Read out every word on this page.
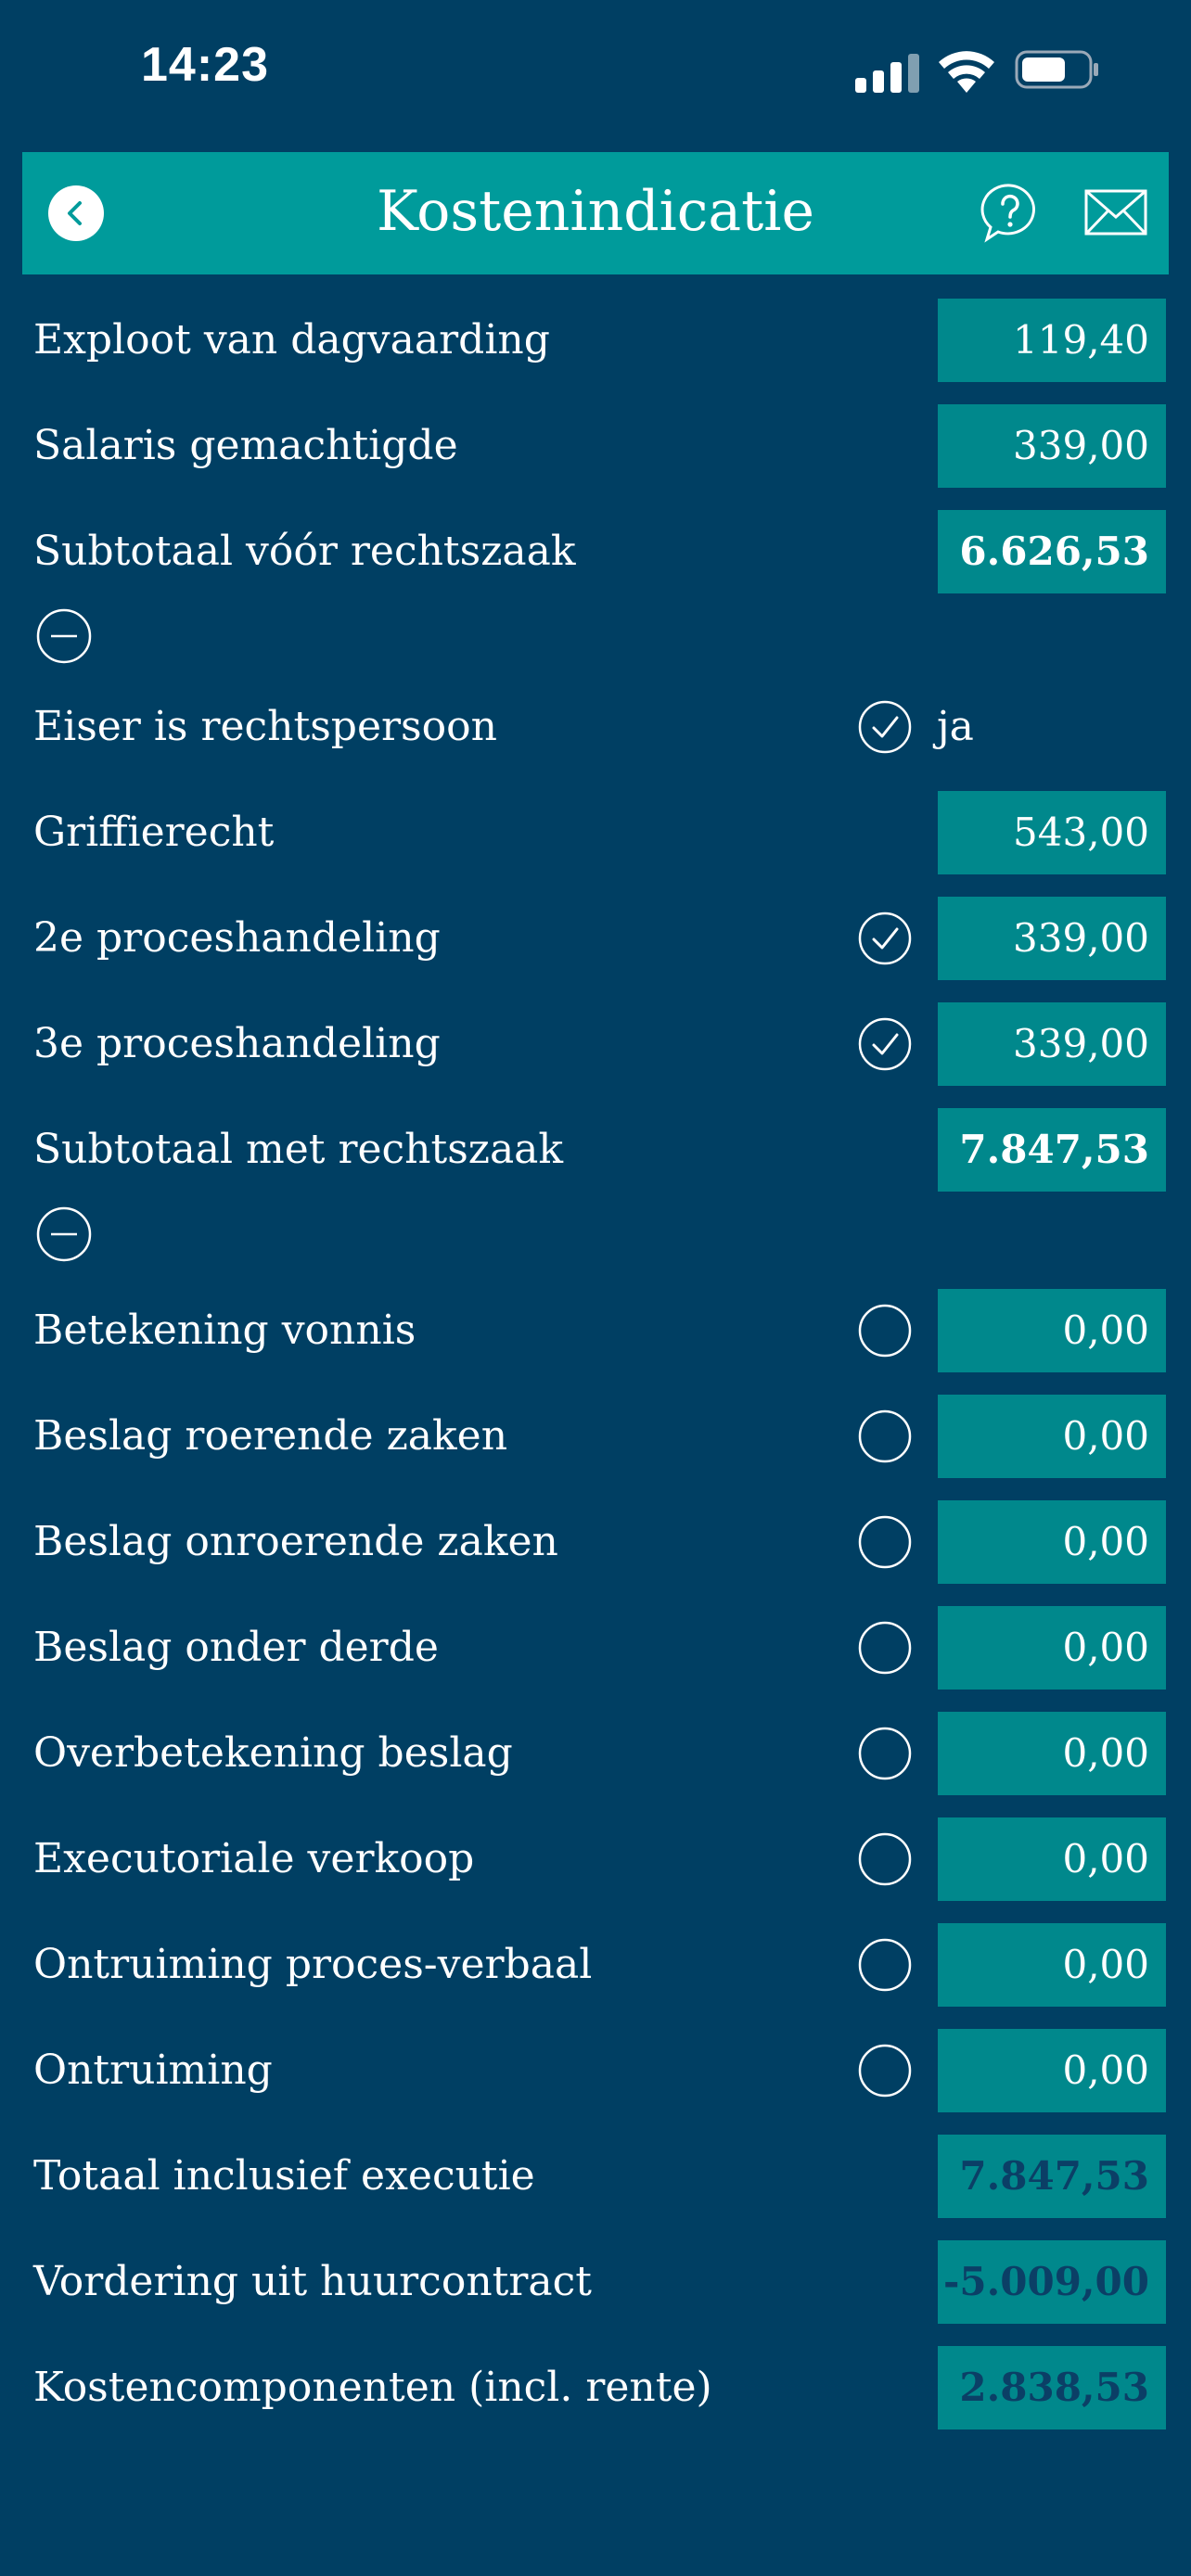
14:23
Kostenindicatie
Exploot van dagvaarding	119,40
Salaris gemachtigde	339,00
Subtotaal vóór rechtszaak	6.626,53
Eiser is rechtspersoon	ja
Griffierecht	543,00
2e proceshandeling	339,00
3e proceshandeling	339,00
Subtotaal met rechtszaak	7.847,53
Betekening vonnis	0,00
Beslag roerende zaken	0,00
Beslag onroerende zaken	0,00
Beslag onder derde	0,00
Overbetekening beslag	0,00
Executoriale verkoop	0,00
Ontruiming proces-verbaal	0,00
Ontruiming	0,00
Totaal inclusief executie	7.847,53
Vordering uit huurcontract	-5.009,00
Kostencomponenten (incl. rente)	2.838,53
